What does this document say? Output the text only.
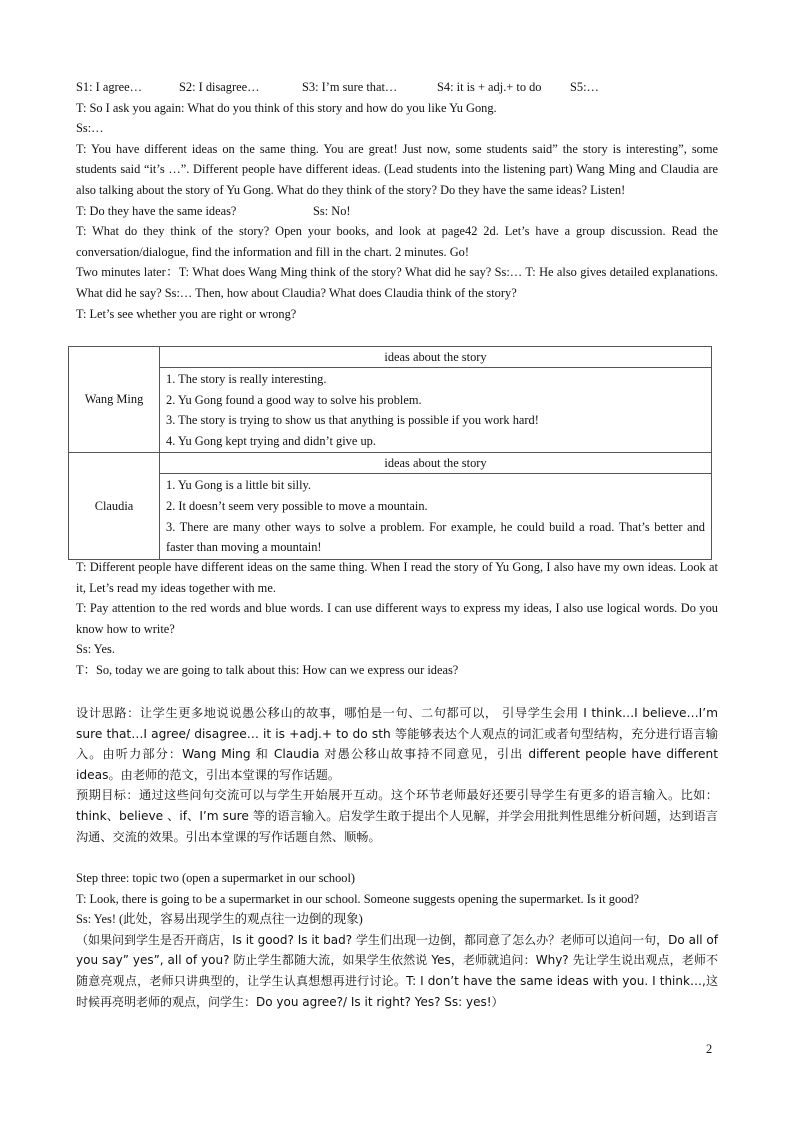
S1: I agree…	S2: I disagree…	S3: I’m sure that…	S4: it is + adj.+ to do	S5:…

T: So I ask you again: What do you think of this story and how do you like Yu Gong.

Ss:…

T: You have different ideas on the same thing. You are great! Just now, some students said” the story is interesting”, some students said “it’s …”. Different people have different ideas. (Lead students into the listening part) Wang Ming and Claudia are also talking about the story of Yu Gong. What do they think of the story? Do they have the same ideas? Listen!

T: Do they have the same ideas?	Ss: No!

T: What do they think of the story? Open your books, and look at page42 2d. Let’s have a group discussion. Read the conversation/dialogue, find the information and fill in the chart. 2 minutes. Go!

Two minutes later：T: What does Wang Ming think of the story? What did he say? Ss:… T: He also gives detailed explanations. What did he say? Ss:… Then, how about Claudia? What does Claudia think of the story?

T: Let’s see whether you are right or wrong?

Wang Ming	ideas about the story

	1. The story is really interesting.
2. Yu Gong found a good way to solve his problem.
3. The story is trying to show us that anything is possible if you work hard!
4. Yu Gong kept trying and didn’t give up.

Claudia	ideas about the story

	1. Yu Gong is a little bit silly.
2. It doesn’t seem very possible to move a mountain.
3. There are many other ways to solve a problem. For example, he could build a road. That’s better and faster than moving a mountain!

T: Different people have different ideas on the same thing. When I read the story of Yu Gong, I also have my own ideas. Look at it, Let’s read my ideas together with me.

T: Pay attention to the red words and blue words. I can use different ways to express my ideas, I also use logical words. Do you know how to write?

Ss: Yes.

T：So, today we are going to talk about this: How can we express our ideas?

设计思路：让学生更多地说说愚公移山的故事，哪怕是一句、二句都可以， 引导学生会用 I think…I believe…I’m sure that…I agree/ disagree… it is +adj.+ to do sth 等能够表达个人观点的词汇或者句型结构，充分进行语言输入。由听力部分：Wang Ming 和 Claudia 对愚公移山故事持不同意见，引出 different people have different ideas。由老师的范文，引出本堂课的写作话题。

预期目标：通过这些问句交流可以与学生开始展开互动。这个环节老师最好还要引导学生有更多的语言输入。比如：think、believe 、if、I’m sure 等的语言输入。启发学生敢于提出个人见解，并学会用批判性思维分析问题，达到语言沟通、交流的效果。引出本堂课的写作话题自然、顺畅。

Step three: topic two (open a supermarket in our school)

T: Look, there is going to be a supermarket in our school. Someone suggests opening the supermarket. Is it good?

Ss: Yes! (此处，容易出现学生的观点往一边倒的现象)

（如果问到学生是否开商店，Is it good? Is it bad? 学生们出现一边倒，都同意了怎么办？老师可以追问一句，Do all of you say” yes”, all of you? 防止学生都随大流，如果学生依然说 Yes，老师就追问：Why? 先让学生说出观点，老师不随意亮观点，老师只讲典型的，让学生认真想想再进行讨论。T: I don’t have the same ideas with you. I think…,这时候再亮明老师的观点，问学生：Do you agree?/ Is it right? Yes? Ss: yes!）

2
